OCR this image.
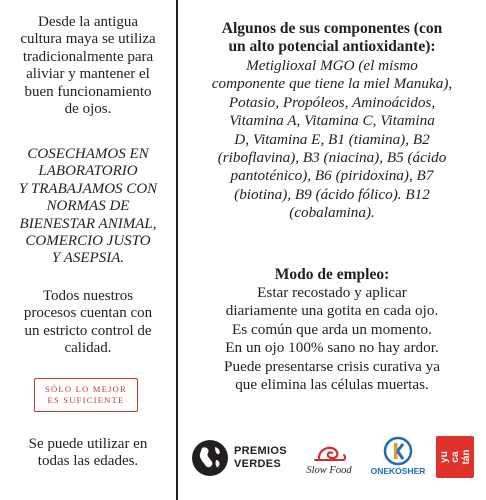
Desde la antigua
cultura maya se utiliza
tradicionalmente para
aliviar y mantener el
buen funcionamiento
de ojos.
COSECHAMOS EN
LABORATORIO
Y TRABAJAMOS CON
NORMAS DE
BIENESTAR ANIMAL,
COMERCIO JUSTO
Y ASEPSIA.
Todos nuestros
procesos cuentan con
un estricto control de
calidad.
SÓLO LO MEJOR
ES SUFICIENTE
Se puede utilizar en
todas las edades.
Algunos de sus componentes (con
un alto potencial antioxidante):
Metiglioxal MGO (el mismo
componente que tiene la miel Manuka),
Potasio, Propóleos, Aminoácidos,
Vitamina A, Vitamina C, Vitamina
D, Vitamina E, B1 (tiamina), B2
(riboflavina), B3 (niacina), B5 (ácido
pantoténico), B6 (piridoxina), B7
(biotina), B9 (ácido fólico). B12
(cobalamina).
Modo de empleo:
Estar recostado y aplicar
diariamente una gotita en cada ojo.
Es común que arda un momento.
En un ojo 100% sano no hay ardor.
Puede presentarse crisis curativa ya
que elimina las células muertas.
PREMIOS
VERDES
Slow Food	ONEKOSHER
yu ca tán
